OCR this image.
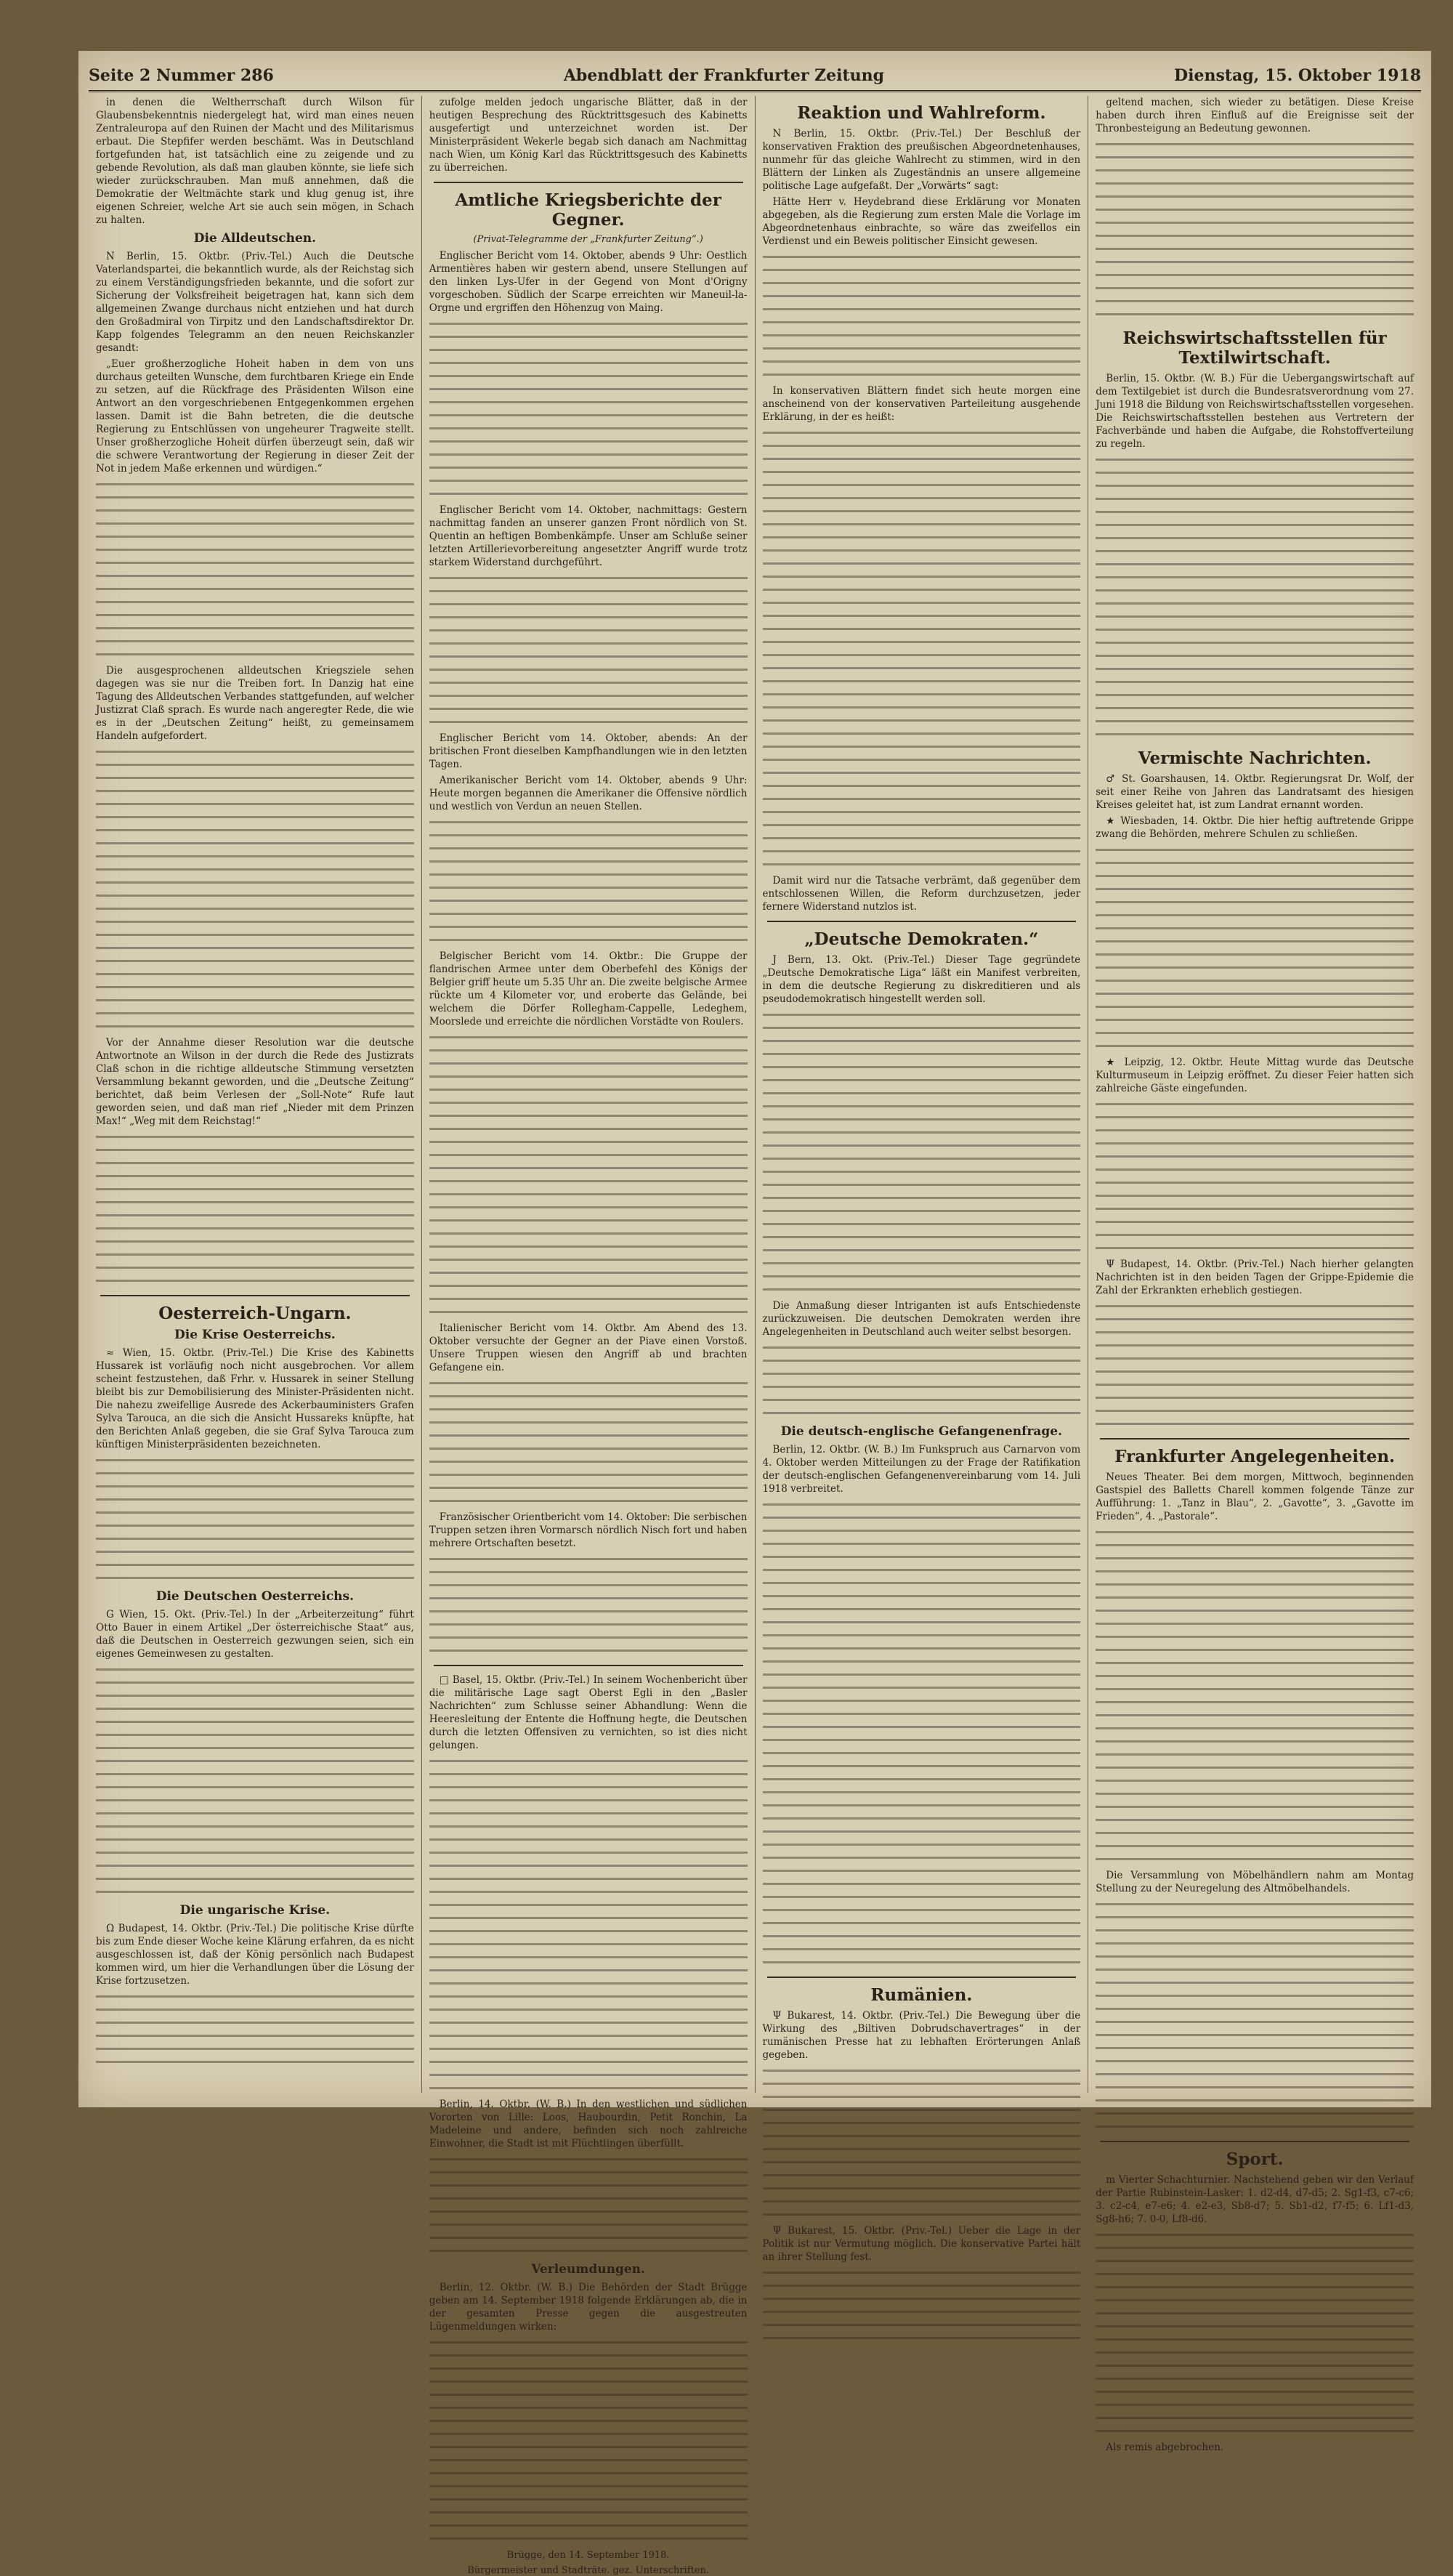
Seite 2 Nummer 286	Abendblatt der Frankfurter Zeitung	Dienstag, 15. Oktober 1918
in denen die Weltherrschaft durch Wilson für Glaubensbekenntnis niedergelegt hat, wird man eines neuen Zentraleuropa auf den Ruinen der Macht und des Militarismus erbaut. Die Stepfifer werden beschämt. Was in Deutschland fortgefunden hat, ist tatsächlich eine zu zeigende und zu gebende Revolution, als daß man glauben könnte, sie liefe sich wieder zurückschrauben. Man muß annehmen, daß die Demokratie der Weltmächte stark und klug genug ist, ihre eigenen Schreier, welche Art sie auch sein mögen, in Schach zu halten.
Die Alldeutschen.
N Berlin, 15. Oktbr. (Priv.-Tel.) Auch die Deutsche Vaterlandspartei, die bekanntlich wurde, als der Reichstag sich zu einem Verständigungsfrieden bekannte, und die sofort zur Sicherung der Volksfreiheit beigetragen hat, kann sich dem allgemeinen Zwange durchaus nicht entziehen und hat durch den Großadmiral von Tirpitz und den Landschaftsdirektor Dr. Kapp folgendes Telegramm an den neuen Reichskanzler gesandt:
„Euer großherzogliche Hoheit haben in dem von uns durchaus geteilten Wunsche, dem furchtbaren Kriege ein Ende zu setzen, auf die Rückfrage des Präsidenten Wilson eine Antwort an den vorgeschriebenen Entgegenkommen ergehen lassen. Damit ist die Bahn betreten, die die deutsche Regierung zu Entschlüssen von ungeheurer Tragweite stellt. Unser großherzogliche Hoheit dürfen überzeugt sein, daß wir die schwere Verantwortung der Regierung in dieser Zeit der Not in jedem Maße erkennen und würdigen.“
Die ausgesprochenen alldeutschen Kriegsziele sehen dagegen was sie nur die Treiben fort. In Danzig hat eine Tagung des Alldeutschen Verbandes stattgefunden, auf welcher Justizrat Claß sprach. Es wurde nach angeregter Rede, die wie es in der „Deutschen Zeitung“ heißt, zu gemeinsamem Handeln aufgefordert.
Vor der Annahme dieser Resolution war die deutsche Antwortnote an Wilson in der durch die Rede des Justizrats Claß schon in die richtige alldeutsche Stimmung versetzten Versammlung bekannt geworden, und die „Deutsche Zeitung“ berichtet, daß beim Verlesen der „Soll-Note“ Rufe laut geworden seien, und daß man rief „Nieder mit dem Prinzen Max!“ „Weg mit dem Reichstag!“
Oesterreich-Ungarn.
Die Krise Oesterreichs.
≈ Wien, 15. Oktbr. (Priv.-Tel.) Die Krise des Kabinetts Hussarek ist vorläufig noch nicht ausgebrochen. Vor allem scheint festzustehen, daß Frhr. v. Hussarek in seiner Stellung bleibt bis zur Demobilisierung des Minister-Präsidenten nicht. Die nahezu zweifellige Ausrede des Ackerbauministers Grafen Sylva Tarouca, an die sich die Ansicht Hussareks knüpfte, hat den Berichten Anlaß gegeben, die sie Graf Sylva Tarouca zum künftigen Ministerpräsidenten bezeichneten.
Die Deutschen Oesterreichs.
G Wien, 15. Okt. (Priv.-Tel.) In der „Arbeiterzeitung“ führt Otto Bauer in einem Artikel „Der österreichische Staat“ aus, daß die Deutschen in Oesterreich gezwungen seien, sich ein eigenes Gemeinwesen zu gestalten.
Die ungarische Krise.
Ω Budapest, 14. Oktbr. (Priv.-Tel.) Die politische Krise dürfte bis zum Ende dieser Woche keine Klärung erfahren, da es nicht ausgeschlossen ist, daß der König persönlich nach Budapest kommen wird, um hier die Verhandlungen über die Lösung der Krise fortzusetzen.
zufolge melden jedoch ungarische Blätter, daß in der heutigen Besprechung des Rücktrittsgesuch des Kabinetts ausgefertigt und unterzeichnet worden ist. Der Ministerpräsident Wekerle begab sich danach am Nachmittag nach Wien, um König Karl das Rücktrittsgesuch des Kabinetts zu überreichen.
Amtliche Kriegsberichte der Gegner.
(Privat-Telegramme der „Frankfurter Zeitung“.)
Englischer Bericht vom 14. Oktober, abends 9 Uhr: Oestlich Armentières haben wir gestern abend, unsere Stellungen auf den linken Lys-Ufer in der Gegend von Mont d'Origny vorgeschoben. Südlich der Scarpe erreichten wir Maneuil-la-Orgne und ergriffen den Höhenzug von Maing.
Englischer Bericht vom 14. Oktober, nachmittags: Gestern nachmittag fanden an unserer ganzen Front nördlich von St. Quentin an heftigen Bombenkämpfe. Unser am Schluße seiner letzten Artillerievorbereitung angesetzter Angriff wurde trotz starkem Widerstand durchgeführt.
Englischer Bericht vom 14. Oktober, abends: An der britischen Front dieselben Kampfhandlungen wie in den letzten Tagen.
Amerikanischer Bericht vom 14. Oktober, abends 9 Uhr: Heute morgen begannen die Amerikaner die Offensive nördlich und westlich von Verdun an neuen Stellen.
Belgischer Bericht vom 14. Oktbr.: Die Gruppe der flandrischen Armee unter dem Oberbefehl des Königs der Belgier griff heute um 5.35 Uhr an. Die zweite belgische Armee rückte um 4 Kilometer vor, und eroberte das Gelände, bei welchem die Dörfer Rollegham-Cappelle, Ledeghem, Moorslede und erreichte die nördlichen Vorstädte von Roulers.
Italienischer Bericht vom 14. Oktbr. Am Abend des 13. Oktober versuchte der Gegner an der Piave einen Vorstoß. Unsere Truppen wiesen den Angriff ab und brachten Gefangene ein.
Französischer Orientbericht vom 14. Oktober: Die serbischen Truppen setzen ihren Vormarsch nördlich Nisch fort und haben mehrere Ortschaften besetzt.
□ Basel, 15. Oktbr. (Priv.-Tel.) In seinem Wochenbericht über die militärische Lage sagt Oberst Egli in den „Basler Nachrichten“ zum Schlusse seiner Abhandlung: Wenn die Heeresleitung der Entente die Hoffnung hegte, die Deutschen durch die letzten Offensiven zu vernichten, so ist dies nicht gelungen.
Berlin, 14. Oktbr. (W. B.) In den westlichen und südlichen Vororten von Lille: Loos, Haubourdin, Petit Ronchin, La Madeleine und andere, befinden sich noch zahlreiche Einwohner, die Stadt ist mit Flüchtlingen überfüllt.
Verleumdungen.
Berlin, 12. Oktbr. (W. B.) Die Behörden der Stadt Brügge geben am 14. September 1918 folgende Erklärungen ab, die in der gesamten Presse gegen die ausgestreuten Lügenmeldungen wirken:
Brügge, den 14. September 1918.
Bürgermeister und Stadträte. gez. Unterschriften.
Reaktion und Wahlreform.
N Berlin, 15. Oktbr. (Priv.-Tel.) Der Beschluß der konservativen Fraktion des preußischen Abgeordnetenhauses, nunmehr für das gleiche Wahlrecht zu stimmen, wird in den Blättern der Linken als Zugeständnis an unsere allgemeine politische Lage aufgefaßt. Der „Vorwärts“ sagt:
Hätte Herr v. Heydebrand diese Erklärung vor Monaten abgegeben, als die Regierung zum ersten Male die Vorlage im Abgeordnetenhaus einbrachte, so wäre das zweifellos ein Verdienst und ein Beweis politischer Einsicht gewesen.
In konservativen Blättern findet sich heute morgen eine anscheinend von der konservativen Parteileitung ausgehende Erklärung, in der es heißt:
Damit wird nur die Tatsache verbrämt, daß gegenüber dem entschlossenen Willen, die Reform durchzusetzen, jeder fernere Widerstand nutzlos ist.
„Deutsche Demokraten.“
J Bern, 13. Okt. (Priv.-Tel.) Dieser Tage gegründete „Deutsche Demokratische Liga“ läßt ein Manifest verbreiten, in dem die deutsche Regierung zu diskreditieren und als pseudodemokratisch hingestellt werden soll.
Die Anmaßung dieser Intriganten ist aufs Entschiedenste zurückzuweisen. Die deutschen Demokraten werden ihre Angelegenheiten in Deutschland auch weiter selbst besorgen.
Die deutsch-englische Gefangenenfrage.
Berlin, 12. Oktbr. (W. B.) Im Funkspruch aus Carnarvon vom 4. Oktober werden Mitteilungen zu der Frage der Ratifikation der deutsch-englischen Gefangenenvereinbarung vom 14. Juli 1918 verbreitet.
Rumänien.
Ψ Bukarest, 14. Oktbr. (Priv.-Tel.) Die Bewegung über die Wirkung des „Biltiven Dobrudschavertrages“ in der rumänischen Presse hat zu lebhaften Erörterungen Anlaß gegeben.
Ψ Bukarest, 15. Oktbr. (Priv.-Tel.) Ueber die Lage in der Politik ist nur Vermutung möglich. Die konservative Partei hält an ihrer Stellung fest.
geltend machen, sich wieder zu betätigen. Diese Kreise haben durch ihren Einfluß auf die Ereignisse seit der Thronbesteigung an Bedeutung gewonnen.
Reichswirtschaftsstellen für Textilwirtschaft.
Berlin, 15. Oktbr. (W. B.) Für die Uebergangswirtschaft auf dem Textilgebiet ist durch die Bundesratsverordnung vom 27. Juni 1918 die Bildung von Reichswirtschaftsstellen vorgesehen. Die Reichswirtschaftsstellen bestehen aus Vertretern der Fachverbände und haben die Aufgabe, die Rohstoffverteilung zu regeln.
Vermischte Nachrichten.
♂ St. Goarshausen, 14. Oktbr. Regierungsrat Dr. Wolf, der seit einer Reihe von Jahren das Landratsamt des hiesigen Kreises geleitet hat, ist zum Landrat ernannt worden.
★ Wiesbaden, 14. Oktbr. Die hier heftig auftretende Grippe zwang die Behörden, mehrere Schulen zu schließen.
★ Leipzig, 12. Oktbr. Heute Mittag wurde das Deutsche Kulturmuseum in Leipzig eröffnet. Zu dieser Feier hatten sich zahlreiche Gäste eingefunden.
Ψ Budapest, 14. Oktbr. (Priv.-Tel.) Nach hierher gelangten Nachrichten ist in den beiden Tagen der Grippe-Epidemie die Zahl der Erkrankten erheblich gestiegen.
Frankfurter Angelegenheiten.
Neues Theater. Bei dem morgen, Mittwoch, beginnenden Gastspiel des Balletts Charell kommen folgende Tänze zur Aufführung: 1. „Tanz in Blau“, 2. „Gavotte“, 3. „Gavotte im Frieden“, 4. „Pastorale“.
Die Versammlung von Möbelhändlern nahm am Montag Stellung zu der Neuregelung des Altmöbelhandels.
Sport.
m Vierter Schachturnier. Nachstehend geben wir den Verlauf der Partie Rubinstein-Lasker: 1. d2-d4, d7-d5; 2. Sg1-f3, c7-c6; 3. c2-c4, e7-e6; 4. e2-e3, Sb8-d7; 5. Sb1-d2, f7-f5; 6. Lf1-d3, Sg8-h6; 7. 0-0, Lf8-d6.
Als remis abgebrochen.
